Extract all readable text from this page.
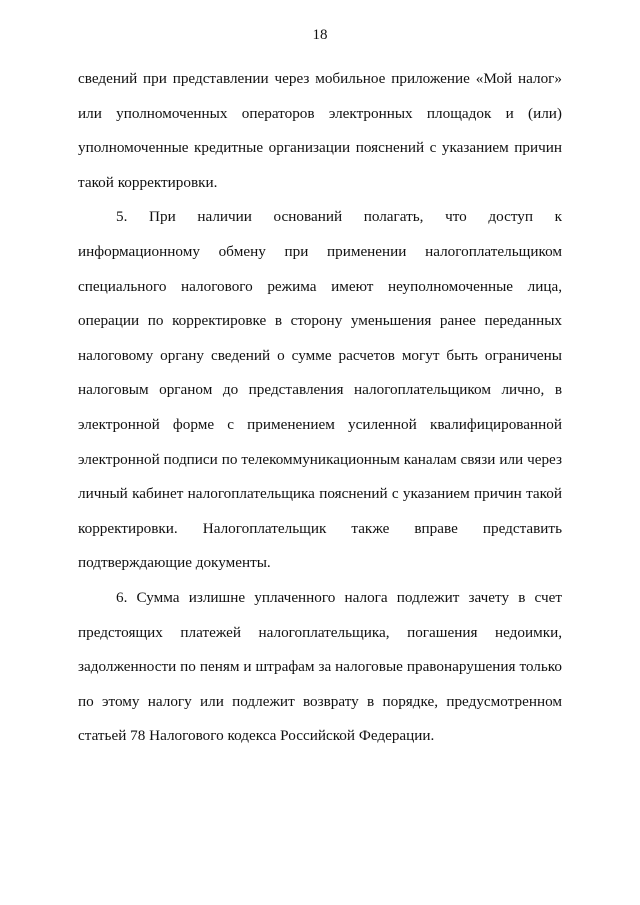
18

сведений при представлении через мобильное приложение «Мой налог» или уполномоченных операторов электронных площадок и (или) уполномоченные кредитные организации пояснений с указанием причин такой корректировки.

5. При наличии оснований полагать, что доступ к информационному обмену при применении налогоплательщиком специального налогового режима имеют неуполномоченные лица, операции по корректировке в сторону уменьшения ранее переданных налоговому органу сведений о сумме расчетов могут быть ограничены налоговым органом до представления налогоплательщиком лично, в электронной форме с применением усиленной квалифицированной электронной подписи по телекоммуникационным каналам связи или через личный кабинет налогоплательщика пояснений с указанием причин такой корректировки. Налогоплательщик также вправе представить подтверждающие документы.

6. Сумма излишне уплаченного налога подлежит зачету в счет предстоящих платежей налогоплательщика, погашения недоимки, задолженности по пеням и штрафам за налоговые правонарушения только по этому налогу или подлежит возврату в порядке, предусмотренном статьей 78 Налогового кодекса Российской Федерации.
